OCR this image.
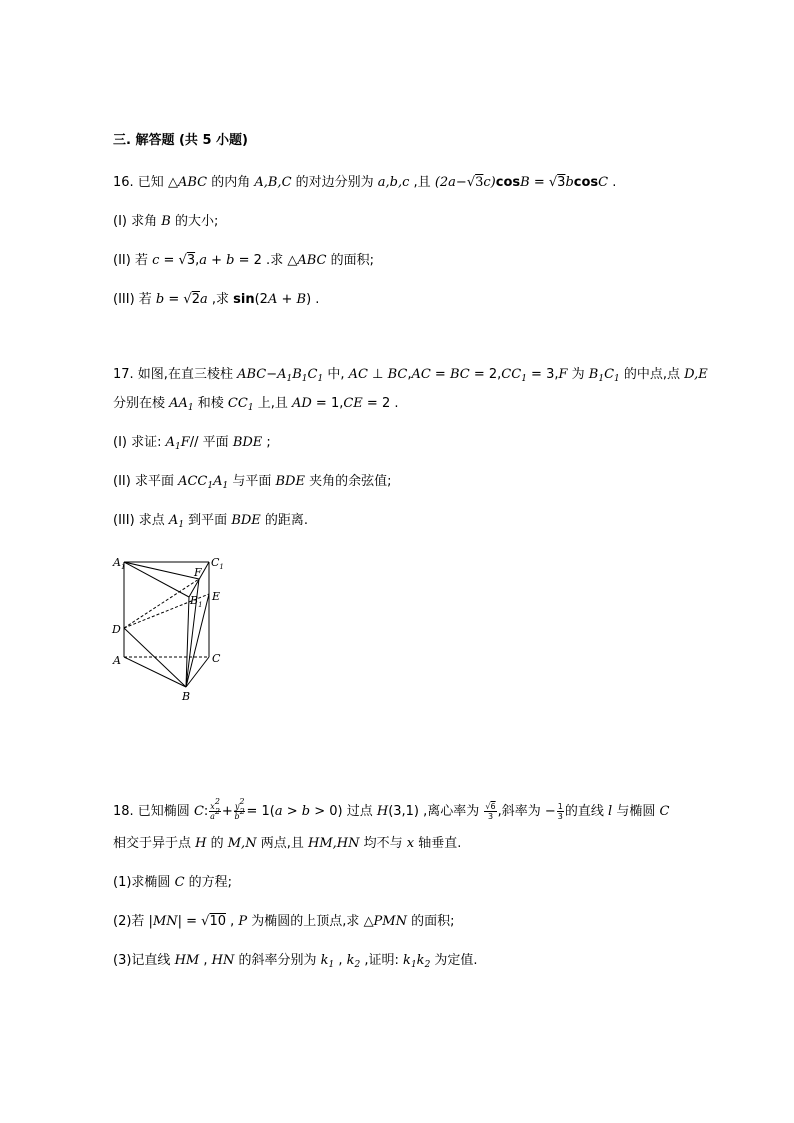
三. 解答题 (共 5 小题)
16. 已知 △ABC 的内角 A,B,C 的对边分别为 a,b,c ,且 (2a−√3c)cosB = √3bcosC .
(I) 求角 B 的大小;
(II) 若 c = √3,a + b = 2 .求 △ABC 的面积;
(III) 若 b = √2a ,求 sin(2A + B) .
17. 如图,在直三棱柱 $ABC-A_1B_1C_1$ 中, AC ⊥ BC,AC = BC = $2,CC_1 = 3,F$ 为 $B_1C_1$ 的中点,点 D,E
分别在棱 $AA_1$ 和棱 $CC_1$ 上,且 AD = 1,CE = 2 .
(I) 求证: $A_1F//$ 平面 BDE ;
(II) 求平面 $ACC_1A_1$ 与平面 BDE 夹角的余弦值;
(III) 求点 $A_1$ 到平面 BDE 的距离.
$A_1$	$C_1$
F
$B_1$
E
D
A	C
B
18. 已知椭圆 C: $\frac{x^2}{a^2} + \frac{y^2}{b^2} = 1(a > b > 0)$ 过点 H(3,1) ,离心率为 $\frac{√6}{3}$ ,斜率为 − $\frac{1}{3}$ 的直线 l 与椭圆 C
相交于异于点 H 的 M,N 两点,且 HM,HN 均不与 x 轴垂直.
(1)求椭圆 C 的方程;
(2)若 |MN| = √10 , P 为椭圆的上顶点,求 △PMN 的面积;
(3)记直线 HM , HN 的斜率分别为 $k_1$ , $k_2$ ,证明: $k_1k_2$ 为定值.
